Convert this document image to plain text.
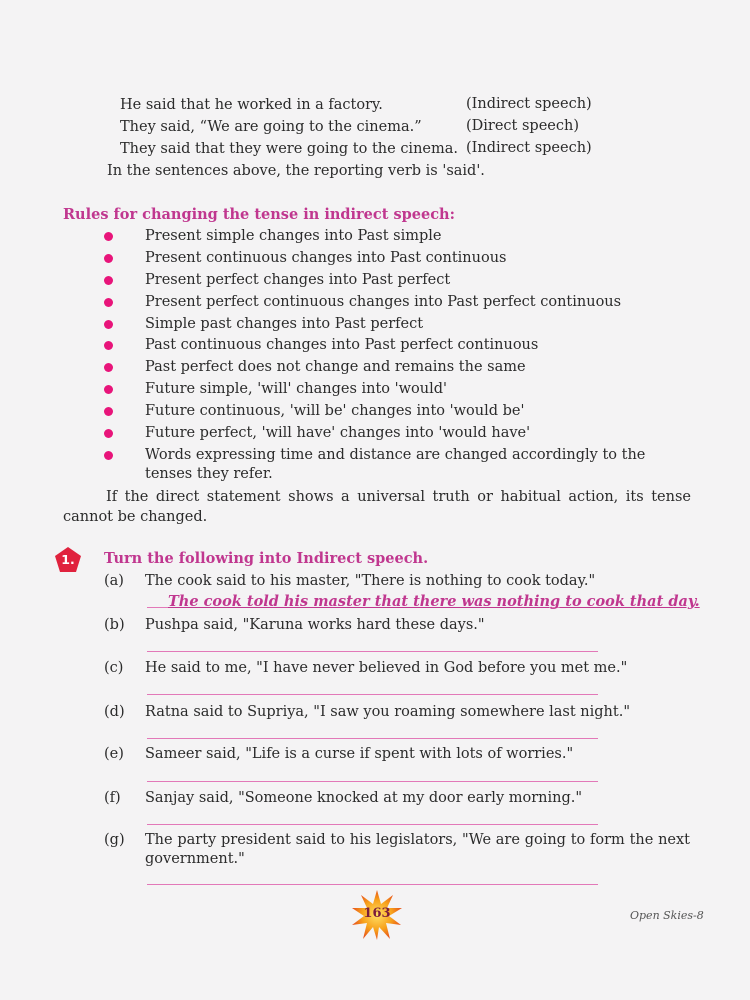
He said that he worked in a factory.	(Indirect speech)
They said, “We are going to the cinema.”	(Direct speech)
They said that they were going to the cinema. (Indirect speech)
In the sentences above, the reporting verb is 'said'.
Rules for changing the tense in indirect speech:
Present simple changes into Past simple
Present continuous changes into Past continuous
Present perfect changes into Past perfect
Present perfect continuous changes into Past perfect continuous
Simple past changes into Past perfect
Past continuous changes into Past perfect continuous
Past perfect does not change and remains the same
Future simple, 'will' changes into 'would'
Future continuous, 'will be' changes into 'would be'
Future perfect, 'will have' changes into 'would have'
Words expressing time and distance are changed accordingly to the tenses they refer.
If the direct statement shows a universal truth or habitual action, its tense cannot be changed.
1.	Turn the following into Indirect speech.
(a)	The cook said to his master, "There is nothing to cook today."
The cook told his master that there was nothing to cook that day.
(b)	Pushpa said, "Karuna works hard these days."
(c)	He said to me, "I have never believed in God before you met me."
(d)	Ratna said to Supriya, "I saw you roaming somewhere last night."
(e)	Sameer said, "Life is a curse if spent with lots of worries."
(f)	Sanjay said, "Someone knocked at my door early morning."
(g)	The party president said to his legislators, "We are going to form the next government."
163	Open Skies-8
